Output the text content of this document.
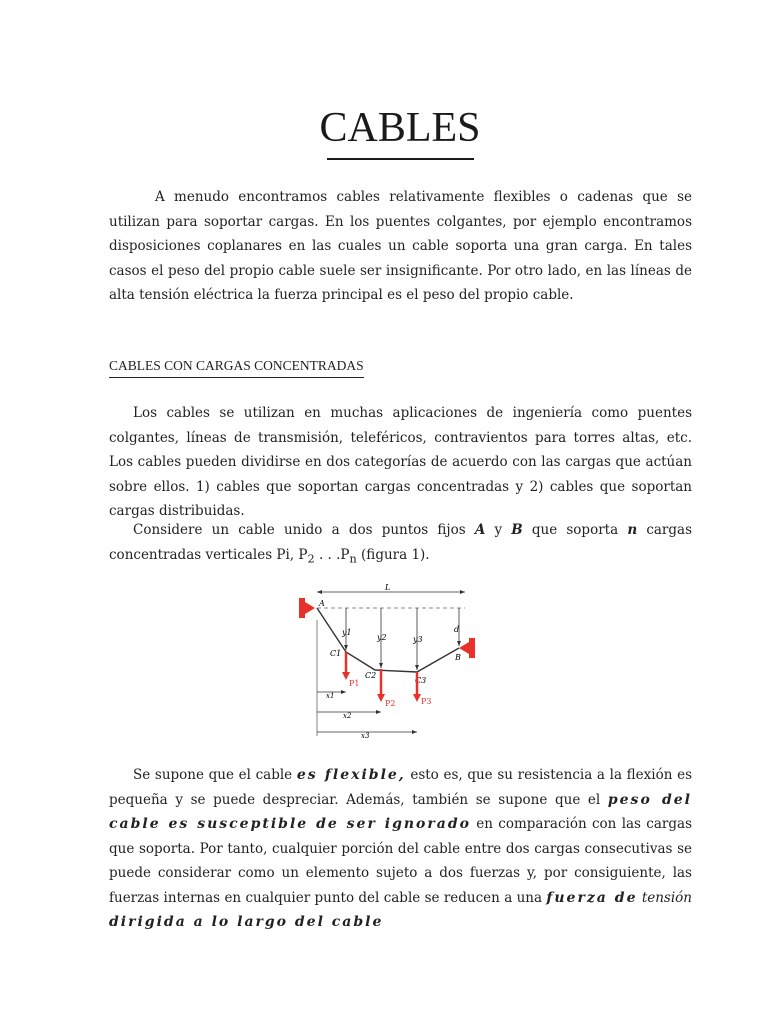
CABLES

A menudo encontramos cables relativamente flexibles o cadenas que se utilizan para soportar cargas. En los puentes colgantes, por ejemplo encontramos disposiciones coplanares en las cuales un cable soporta una gran carga. En tales casos el peso del propio cable suele ser insignificante. Por otro lado, en las líneas de alta tensión eléctrica la fuerza principal es el peso del propio cable.

CABLES CON CARGAS CONCENTRADAS

Los cables se utilizan en muchas aplicaciones de ingeniería como puentes colgantes, líneas de transmisión, teleféricos, contravientos para torres altas, etc. Los cables pueden dividirse en dos categorías de acuerdo con las cargas que actúan sobre ellos. 1) cables que soportan cargas concentradas y 2) cables que soportan cargas distribuidas.

Considere un cable unido a dos puntos fijos A y B que soporta n cargas concentradas verticales Pi, $P_2$ . . $.P_n$ (figura 1).

L
A
B
y1
y2	y3
d
C1
C2
C3
P1
P2	P3
x1
x2
x3

Se supone que el cable es flexible, esto es, que su resistencia a la flexión es pequeña y se puede despreciar. Además, también se supone que el peso del cable es susceptible de ser ignorado en comparación con las cargas que soporta. Por tanto, cualquier porción del cable entre dos cargas consecutivas se puede considerar como un elemento sujeto a dos fuerzas y, por consiguiente, las fuerzas internas en cualquier punto del cable se reducen a una fuerza de tensión dirigida a lo largo del cable
